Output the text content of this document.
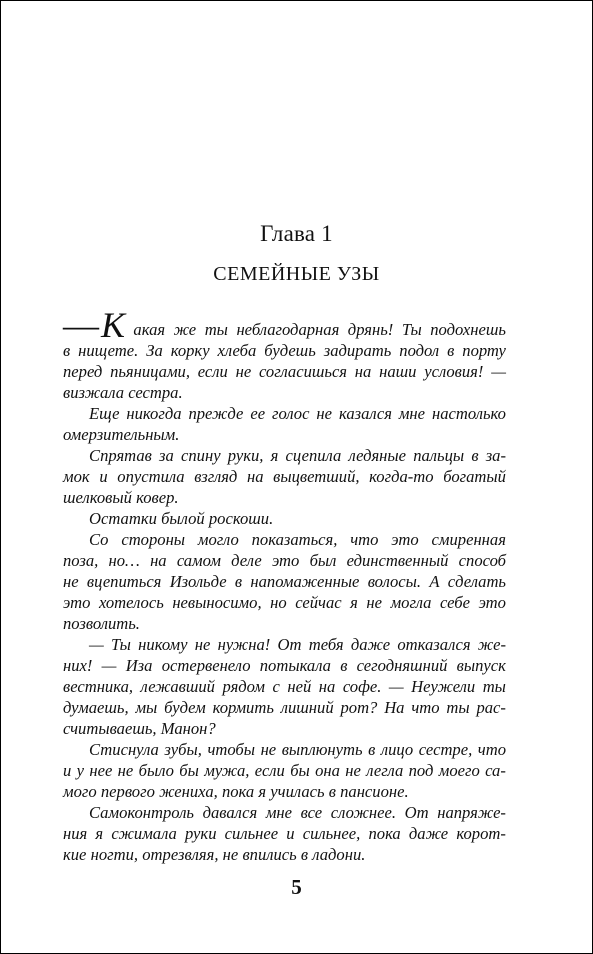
Глава 1
СЕМЕЙНЫЕ УЗЫ
—К акая же ты неблагодарная дрянь! Ты подохнешь
в нищете. За корку хлеба будешь задирать подол в порту
перед пьяницами, если не согласишься на наши условия! —
визжала сестра.
Еще никогда прежде ее голос не казался мне настолько
омерзительным.
Спрятав за спину руки, я сцепила ледяные пальцы в за-
мок и опустила взгляд на выцветший, когда-то богатый
шелковый ковер.
Остатки былой роскоши.
Со стороны могло показаться, что это смиренная
поза, но… на самом деле это был единственный способ
не вцепиться Изольде в напомаженные волосы. А сделать
это хотелось невыносимо, но сейчас я не могла себе это
позволить.
— Ты никому не нужна! От тебя даже отказался же-
них! — Иза остервенело потыкала в сегодняшний выпуск
вестника, лежавший рядом с ней на софе. — Неужели ты
думаешь, мы будем кормить лишний рот? На что ты рас-
считываешь, Манон?
Стиснула зубы, чтобы не выплюнуть в лицо сестре, что
и у нее не было бы мужа, если бы она не легла под моего са-
мого первого жениха, пока я училась в пансионе.
Самоконтроль давался мне все сложнее. От напряже-
ния я сжимала руки сильнее и сильнее, пока даже корот-
кие ногти, отрезвляя, не впились в ладони.
5
